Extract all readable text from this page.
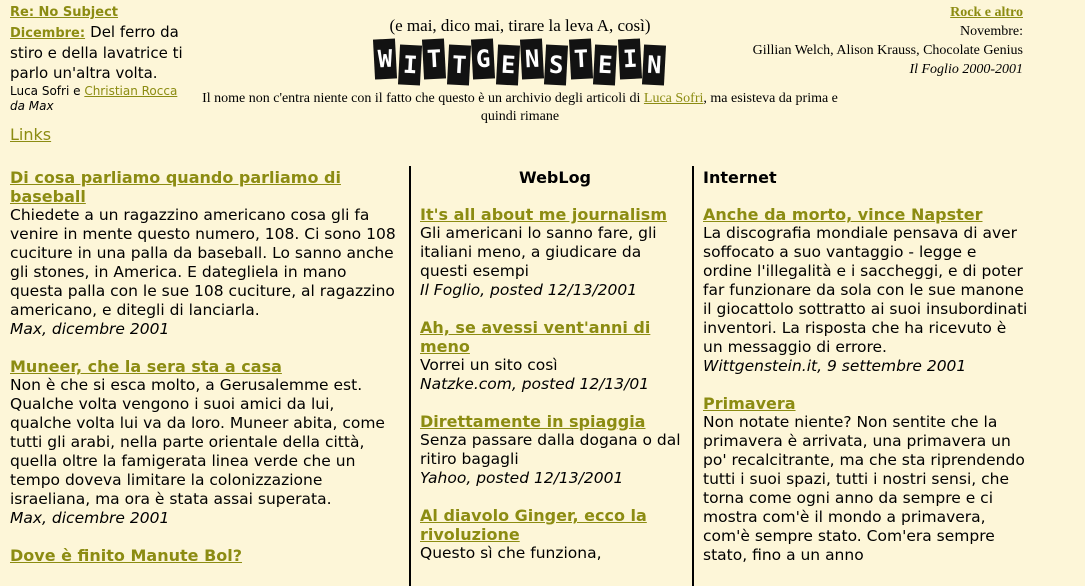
Re: No Subject
Dicembre: Del ferro da stiro e della lavatrice ti parlo un'altra volta.
Luca Sofri e Christian Rocca
da Max
(e mai, dico mai, tirare la leva A, così)
W I T T G E N S T E I N
Il nome non c'entra niente con il fatto che questo è un archivio degli articoli di Luca Sofri, ma esisteva da prima e quindi rimane
Rock e altro
Novembre:
Gillian Welch, Alison Krauss, Chocolate Genius
Il Foglio 2000-2001
Links
Di cosa parliamo quando parliamo di baseball
Chiedete a un ragazzino americano cosa gli fa venire in mente questo numero, 108. Ci sono 108 cuciture in una palla da baseball. Lo sanno anche gli stones, in America. E dategliela in mano questa palla con le sue 108 cuciture, al ragazzino americano, e ditegli di lanciarla.
Max, dicembre 2001
Muneer, che la sera sta a casa
Non è che si esca molto, a Gerusalemme est. Qualche volta vengono i suoi amici da lui, qualche volta lui va da loro. Muneer abita, come tutti gli arabi, nella parte orientale della città, quella oltre la famigerata linea verde che un tempo doveva limitare la colonizzazione israeliana, ma ora è stata assai superata.
Max, dicembre 2001
Dove è finito Manute Bol?
WebLog
It's all about me journalism
Gli americani lo sanno fare, gli italiani meno, a giudicare da questi esempi
Il Foglio, posted 12/13/2001
Ah, se avessi vent'anni di meno
Vorrei un sito così
Natzke.com, posted 12/13/01
Direttamente in spiaggia
Senza passare dalla dogana o dal ritiro bagagli
Yahoo, posted 12/13/2001
Al diavolo Ginger, ecco la rivoluzione
Questo sì che funziona,
Internet
Anche da morto, vince Napster
La discografia mondiale pensava di aver soffocato a suo vantaggio - legge e ordine l'illegalità e i saccheggi, e di poter far funzionare da sola con le sue manone il giocattolo sottratto ai suoi insubordinati inventori. La risposta che ha ricevuto è un messaggio di errore.
Wittgenstein.it, 9 settembre 2001
Primavera
Non notate niente? Non sentite che la primavera è arrivata, una primavera un po' recalcitrante, ma che sta riprendendo tutti i suoi spazi, tutti i nostri sensi, che torna come ogni anno da sempre e ci mostra com'è il mondo a primavera, com'è sempre stato. Com'era sempre stato, fino a un anno
